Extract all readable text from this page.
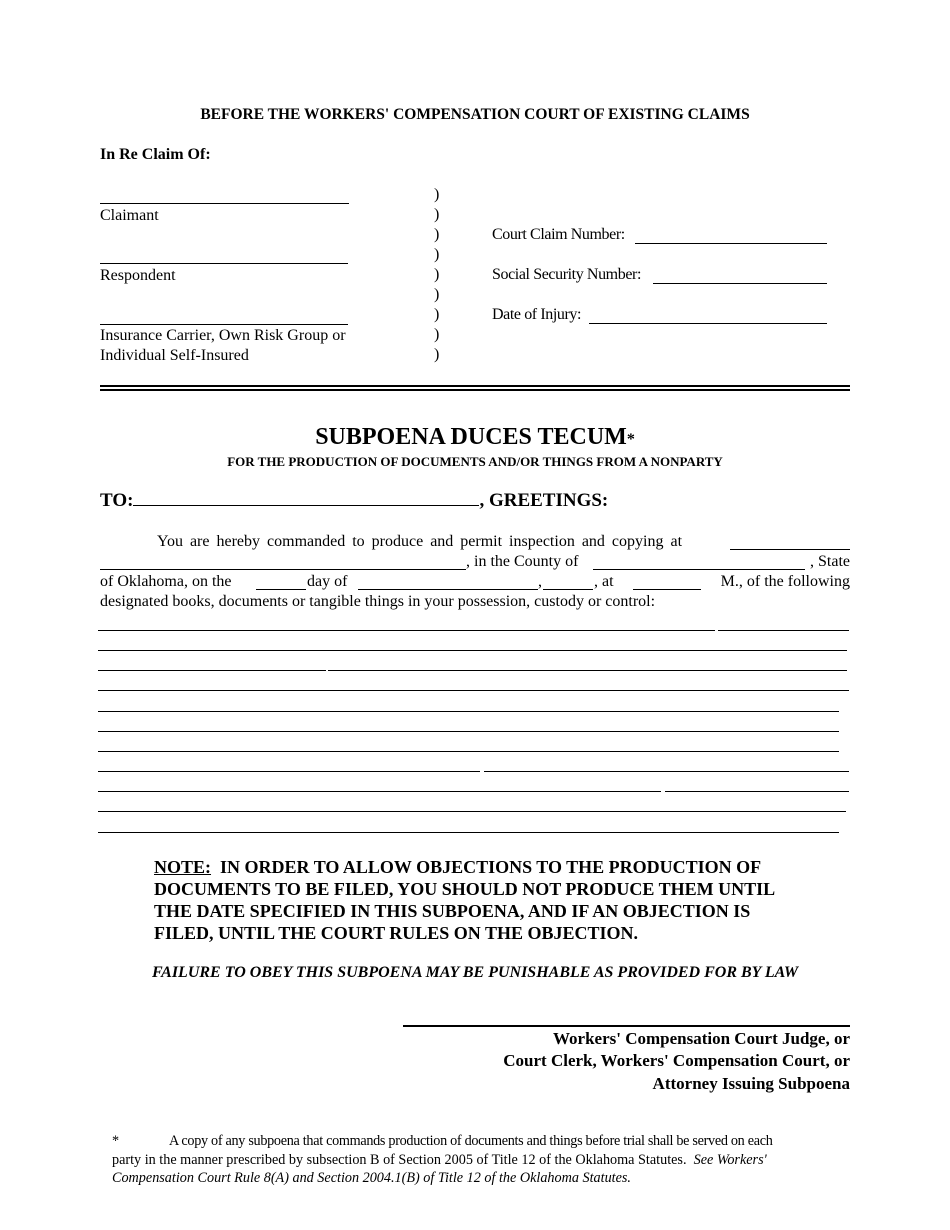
BEFORE THE WORKERS' COMPENSATION COURT OF EXISTING CLAIMS
In Re Claim Of:
Claimant
Respondent
Insurance Carrier, Own Risk Group or
Individual Self-Insured
)
)
)
)
)
)
)
)
)
Court Claim Number:
Social Security Number:
Date of Injury:
SUBPOENA DUCES TECUM*
FOR THE PRODUCTION OF DOCUMENTS AND/OR THINGS FROM A NONPARTY
TO:	, GREETINGS:
You are hereby commanded to produce and permit inspection and copying at
, in the County of	, State
of Oklahoma, on the	day of	,	, at	M., of the following
designated books, documents or tangible things in your possession, custody or control:
NOTE: IN ORDER TO ALLOW OBJECTIONS TO THE PRODUCTION OF DOCUMENTS TO BE FILED, YOU SHOULD NOT PRODUCE THEM UNTIL THE DATE SPECIFIED IN THIS SUBPOENA, AND IF AN OBJECTION IS FILED, UNTIL THE COURT RULES ON THE OBJECTION.
FAILURE TO OBEY THIS SUBPOENA MAY BE PUNISHABLE AS PROVIDED FOR BY LAW
Workers' Compensation Court Judge, or
Court Clerk, Workers' Compensation Court, or
Attorney Issuing Subpoena
*	A copy of any subpoena that commands production of documents and things before trial shall be served on each
party in the manner prescribed by subsection B of Section 2005 of Title 12 of the Oklahoma Statutes. See Workers'
Compensation Court Rule 8(A) and Section 2004.1(B) of Title 12 of the Oklahoma Statutes.
